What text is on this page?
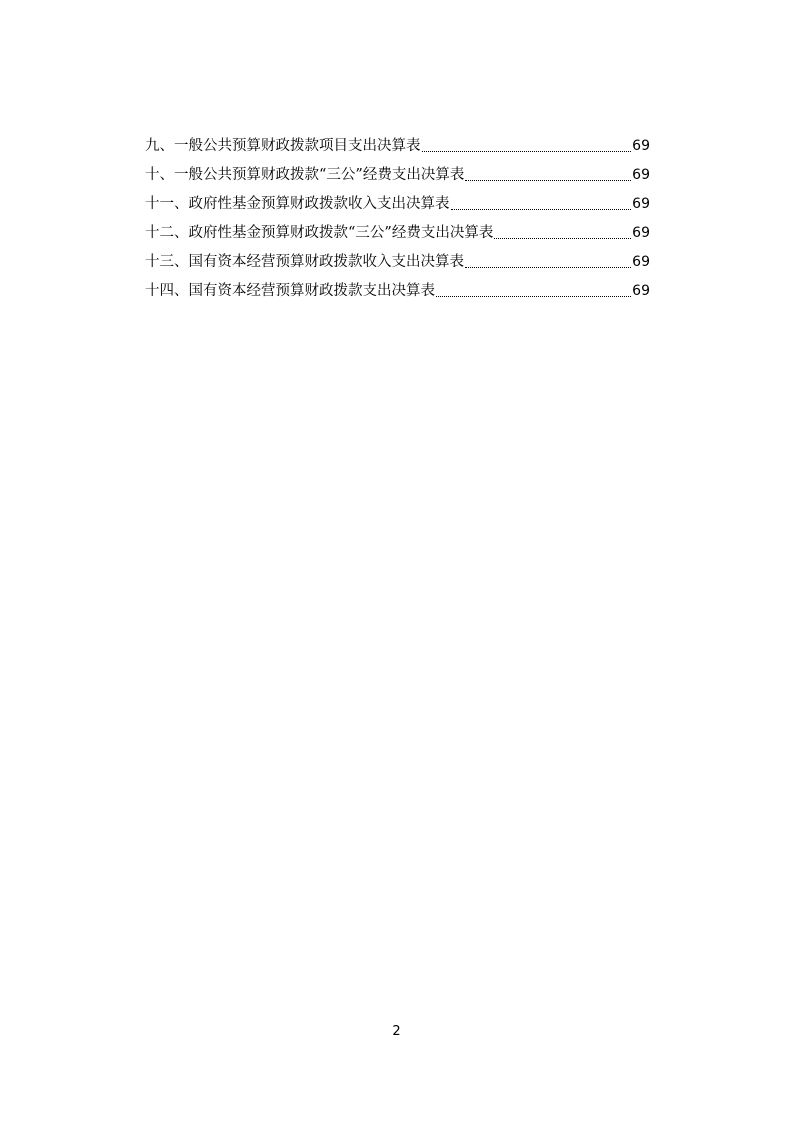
九、一般公共预算财政拨款项目支出决算表	69
十、一般公共预算财政拨款“三公”经费支出决算表	69
十一、政府性基金预算财政拨款收入支出决算表	69
十二、政府性基金预算财政拨款“三公”经费支出决算表	69
十三、国有资本经营预算财政拨款收入支出决算表	69
十四、国有资本经营预算财政拨款支出决算表	69
2
